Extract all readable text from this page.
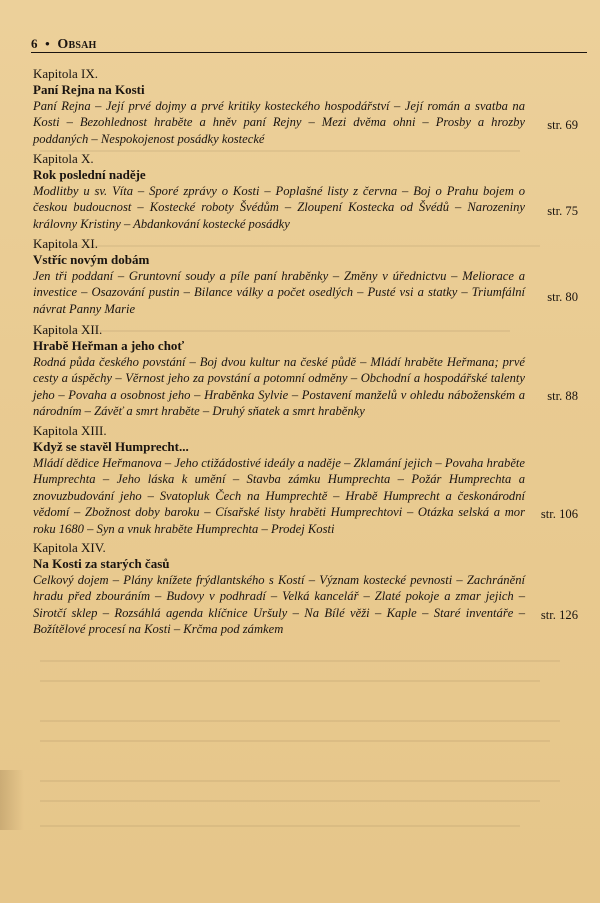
6 • Obsah
Kapitola IX.
Paní Rejna na Kosti
Paní Rejna – Její prvé dojmy a prvé kritiky kosteckého hospodářství – Její román a svatba na Kosti – Bezohlednost hraběte a hněv paní Rejny – Mezi dvěma ohni – Prosby a hrozby poddaných – Nespokojenost posádky kostecké
str. 69
Kapitola X.
Rok poslední naděje
Modlitby u sv. Víta – Sporé zprávy o Kosti – Poplašné listy z června – Boj o Prahu bojem o českou budoucnost – Kostecké roboty Švédům – Zloupení Kostecka od Švédů – Narozeniny královny Kristiny – Abdankování kostecké posádky
str. 75
Kapitola XI.
Vstříc novým dobám
Jen tři poddaní – Gruntovní soudy a píle paní hraběnky – Změny v úřednictvu – Meliorace a investice – Osazování pustin – Bilance války a počet osedlých – Pusté vsi a statky – Triumfální návrat Panny Marie
str. 80
Kapitola XII.
Hrabě Heřman a jeho choť
Rodná půda českého povstání – Boj dvou kultur na české půdě – Mládí hraběte Heřmana; prvé cesty a úspěchy – Věrnost jeho za povstání a potomní odměny – Obchodní a hospodářské talenty jeho – Povaha a osobnost jeho – Hraběnka Sylvie – Postavení manželů v ohledu náboženském a národním – Závěť a smrt hraběte – Druhý sňatek a smrt hraběnky
str. 88
Kapitola XIII.
Když se stavěl Humprecht...
Mládí dědice Heřmanova – Jeho ctižádostivé ideály a naděje – Zklamání jejich – Povaha hraběte Humprechta – Jeho láska k umění – Stavba zámku Humprechta – Požár Humprechta a znovuzbudování jeho – Svatopluk Čech na Humprechtě – Hrabě Humprecht a českonárodní vědomí – Zbožnost doby baroku – Císařské listy hraběti Humprechtovi – Otázka selská a mor roku 1680 – Syn a vnuk hraběte Humprechta – Prodej Kosti
str. 106
Kapitola XIV.
Na Kosti za starých časů
Celkový dojem – Plány knížete frýdlantského s Kostí – Význam kostecké pevnosti – Zachránění hradu před zbouráním – Budovy v podhradí – Velká kancelář – Zlaté pokoje a zmar jejich – Sirotčí sklep – Rozsáhlá agenda klíčnice Uršuly – Na Bílé věži – Kaple – Staré inventáře – Božítělové procesí na Kosti – Krčma pod zámkem
str. 126
